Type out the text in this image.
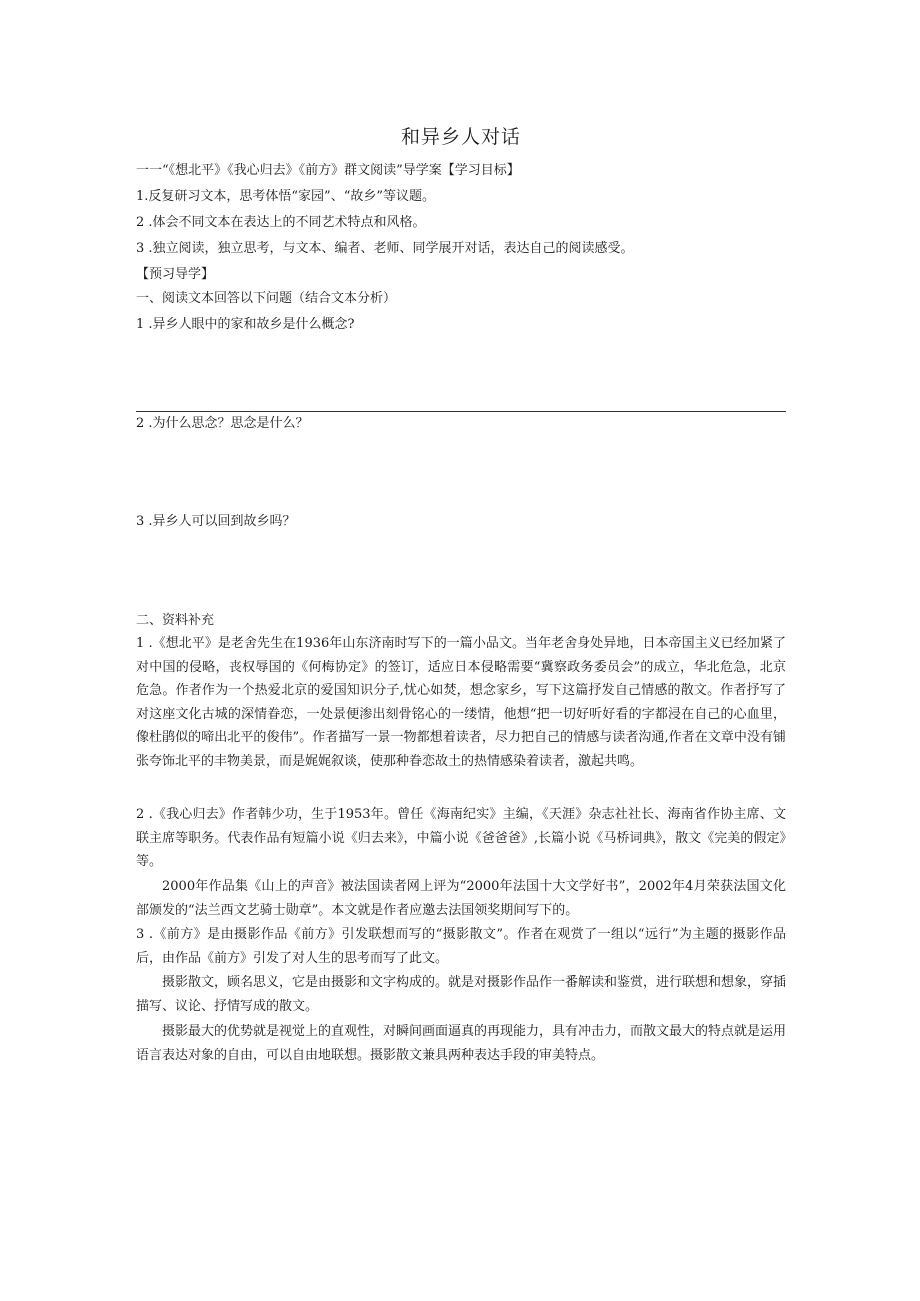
和异乡人对话
一一“《想北平》《我心归去》《前方》群文阅读”导学案【学习目标】
1.反复研习文本，思考体悟“家园”、“故乡”等议题。
2 .体会不同文本在表达上的不同艺术特点和风格。
3 .独立阅读，独立思考，与文本、编者、老师、同学展开对话，表达自己的阅读感受。
【预习导学】
一、阅读文本回答以下问题（结合文本分析）
1 .异乡人眼中的家和故乡是什么概念?
2 .为什么思念？思念是什么？
3 .异乡人可以回到故乡吗？
二、资料补充
1 .《想北平》是老舍先生在1936年山东济南时写下的一篇小品文。当年老舍身处异地，日本帝国主义已经加紧了对中国的侵略，丧权辱国的《何梅协定》的签订，适应日本侵略需要“冀察政务委员会”的成立，华北危急，北京危急。作者作为一个热爱北京的爱国知识分子,忧心如焚，想念家乡，写下这篇抒发自己情感的散文。作者抒写了对这座文化古城的深情眷恋，一处景便渗出刻骨铭心的一缕情，他想“把一切好听好看的字都浸在自己的心血里，像杜鹃似的啼出北平的俊伟”。作者描写一景一物都想着读者，尽力把自己的情感与读者沟通,作者在文章中没有铺张夸饰北平的丰物美景，而是娓娓叙谈，使那种眷恋故土的热情感染着读者，激起共鸣。
2 .《我心归去》作者韩少功，生于1953年。曾任《海南纪实》主编，《天涯》杂志社社长、海南省作协主席、文联主席等职务。代表作品有短篇小说《归去来》，中篇小说《爸爸爸》,长篇小说《马桥词典》，散文《完美的假定》等。
2000年作品集《山上的声音》被法国读者网上评为“2000年法国十大文学好书”，2002年4月荣获法国文化部颁发的“法兰西文艺骑士勋章”。本文就是作者应邀去法国领奖期间写下的。
3 .《前方》是由摄影作品《前方》引发联想而写的“摄影散文”。作者在观赏了一组以“远行”为主题的摄影作品后，由作品《前方》引发了对人生的思考而写了此文。
摄影散文，顾名思义，它是由摄影和文字构成的。就是对摄影作品作一番解读和鉴赏，进行联想和想象，穿插描写、议论、抒情写成的散文。
摄影最大的优势就是视觉上的直观性，对瞬间画面逼真的再现能力，具有冲击力，而散文最大的特点就是运用语言表达对象的自由，可以自由地联想。摄影散文兼具两种表达手段的审美特点。
